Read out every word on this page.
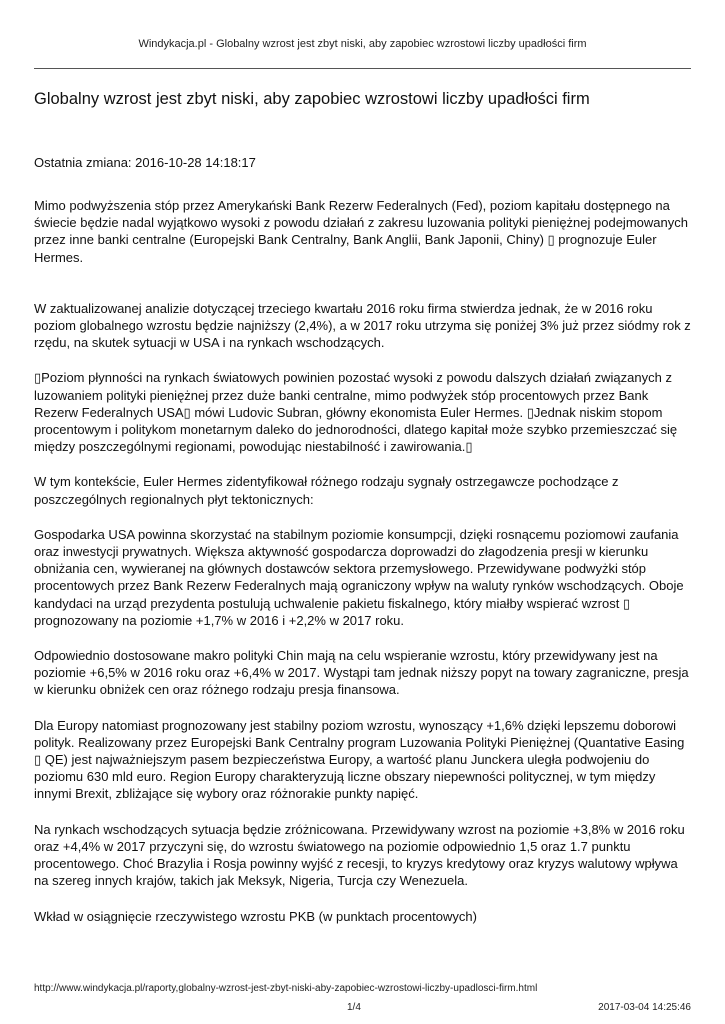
Windykacja.pl - Globalny wzrost jest zbyt niski, aby zapobiec wzrostowi liczby upadłości firm
Globalny wzrost jest zbyt niski, aby zapobiec wzrostowi liczby upadłości firm

Ostatnia zmiana: 2016-10-28 14:18:17

Mimo podwyższenia stóp przez Amerykański Bank Rezerw Federalnych (Fed), poziom kapitału dostępnego na świecie będzie nadal wyjątkowo wysoki z powodu działań z zakresu luzowania polityki pieniężnej podejmowanych przez inne banki centralne (Europejski Bank Centralny, Bank Anglii, Bank Japonii, Chiny) ▯ prognozuje Euler Hermes.

W zaktualizowanej analizie dotyczącej trzeciego kwartału 2016 roku firma stwierdza jednak, że w 2016 roku poziom globalnego wzrostu będzie najniższy (2,4%), a w 2017 roku utrzyma się poniżej 3% już przez siódmy rok z rzędu, na skutek sytuacji w USA i na rynkach wschodzących.

▯Poziom płynności na rynkach światowych powinien pozostać wysoki z powodu dalszych działań związanych z luzowaniem polityki pieniężnej przez duże banki centralne, mimo podwyżek stóp procentowych przez Bank Rezerw Federalnych USA▯ mówi Ludovic Subran, główny ekonomista Euler Hermes. ▯Jednak niskim stopom procentowym i politykom monetarnym daleko do jednorodności, dlatego kapitał może szybko przemieszczać się między poszczególnymi regionami, powodując niestabilność i zawirowania.▯

W tym kontekście, Euler Hermes zidentyfikował różnego rodzaju sygnały ostrzegawcze pochodzące z poszczególnych regionalnych płyt tektonicznych:

Gospodarka USA powinna skorzystać na stabilnym poziomie konsumpcji, dzięki rosnącemu poziomowi zaufania oraz inwestycji prywatnych. Większa aktywność gospodarcza doprowadzi do złagodzenia presji w kierunku obniżania cen, wywieranej na głównych dostawców sektora przemysłowego. Przewidywane podwyżki stóp procentowych przez Bank Rezerw Federalnych mają ograniczony wpływ na waluty rynków wschodzących. Oboje kandydaci na urząd prezydenta postulują uchwalenie pakietu fiskalnego, który miałby wspierać wzrost ▯ prognozowany na poziomie +1,7% w 2016 i +2,2% w 2017 roku.

Odpowiednio dostosowane makro polityki Chin mają na celu wspieranie wzrostu, który przewidywany jest na poziomie +6,5% w 2016 roku oraz +6,4% w 2017. Wystąpi tam jednak niższy popyt na towary zagraniczne, presja w kierunku obniżek cen oraz różnego rodzaju presja finansowa.

Dla Europy natomiast prognozowany jest stabilny poziom wzrostu, wynoszący +1,6% dzięki lepszemu doborowi polityk. Realizowany przez Europejski Bank Centralny program Luzowania Polityki Pieniężnej (Quantative Easing ▯ QE) jest najważniejszym pasem bezpieczeństwa Europy, a wartość planu Junckera uległa podwojeniu do poziomu 630 mld euro. Region Europy charakteryzują liczne obszary niepewności politycznej, w tym między innymi Brexit, zbliżające się wybory oraz różnorakie punkty napięć.

Na rynkach wschodzących sytuacja będzie zróżnicowana. Przewidywany wzrost na poziomie +3,8% w 2016 roku oraz +4,4% w 2017 przyczyni się, do wzrostu światowego na poziomie odpowiednio 1,5 oraz 1.7 punktu procentowego. Choć Brazylia i Rosja powinny wyjść z recesji, to kryzys kredytowy oraz kryzys walutowy wpływa na szereg innych krajów, takich jak Meksyk, Nigeria, Turcja czy Wenezuela.

Wkład w osiągnięcie rzeczywistego wzrostu PKB (w punktach procentowych)

http://www.windykacja.pl/raporty,globalny-wzrost-jest-zbyt-niski-aby-zapobiec-wzrostowi-liczby-upadlosci-firm.html
1/4	2017-03-04 14:25:46
